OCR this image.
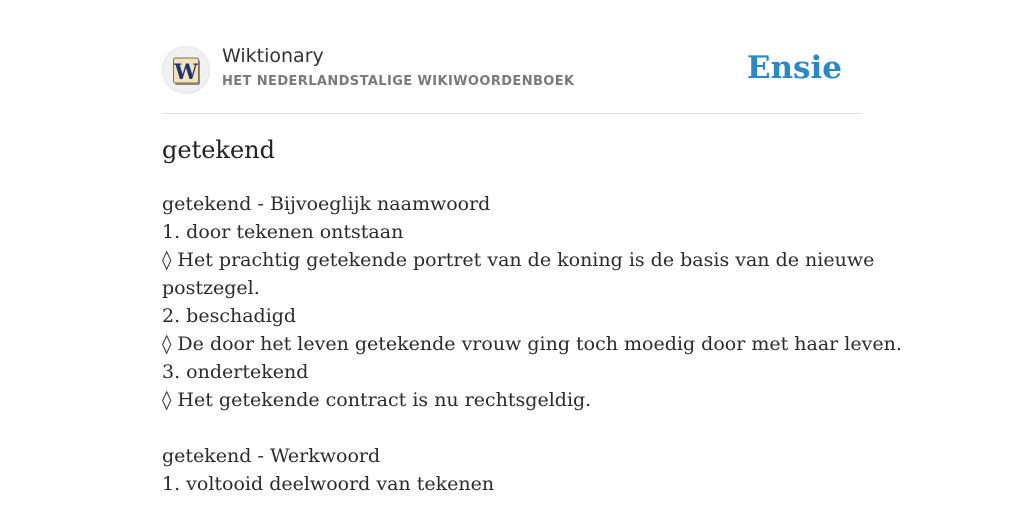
W
Wiktionary
HET NEDERLANDSTALIGE WIKIWOORDENBOEK	Ensie
getekend
getekend - Bijvoeglijk naamwoord
1. door tekenen ontstaan
◊ Het prachtig getekende portret van de koning is de basis van de nieuwe
postzegel.
2. beschadigd
◊ De door het leven getekende vrouw ging toch moedig door met haar leven.
3. ondertekend
◊ Het getekende contract is nu rechtsgeldig.
getekend - Werkwoord
1. voltooid deelwoord van tekenen
